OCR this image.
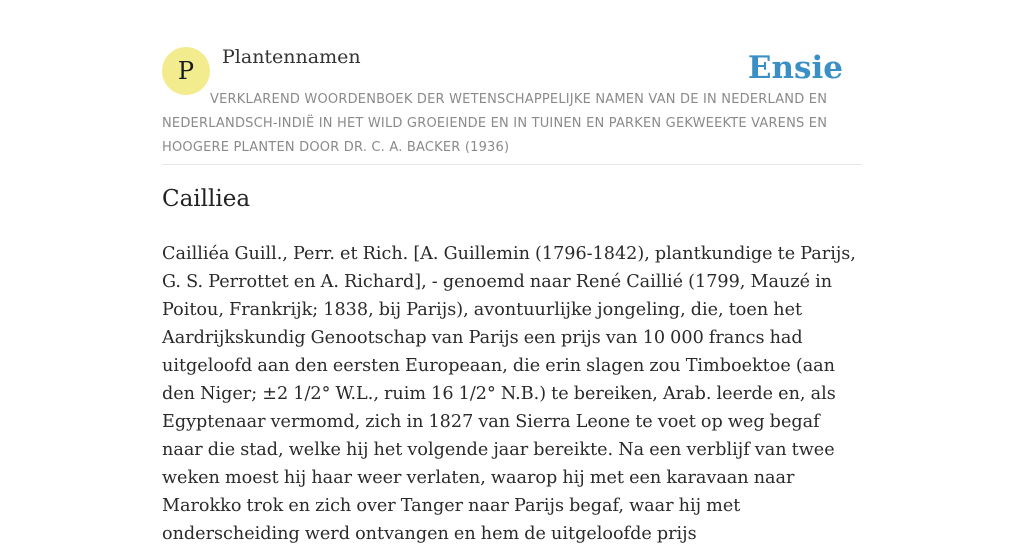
P Plantennamen	Ensie
VERKLAREND WOORDENBOEK DER WETENSCHAPPELIJKE NAMEN VAN DE IN NEDERLAND EN NEDERLANDSCH-INDIË IN HET WILD GROEIENDE EN IN TUINEN EN PARKEN GEKWEEKTE VARENS EN HOOGERE PLANTEN DOOR DR. C. A. BACKER (1936)
Cailliea

Cailliéa Guill., Perr. et Rich. [A. Guillemin (1796-1842), plantkundige te Parijs, G. S. Perrottet en A. Richard], - genoemd naar René Caillié (1799, Mauzé in Poitou, Frankrijk; 1838, bij Parijs), avontuurlijke jongeling, die, toen het Aardrijkskundig Genootschap van Parijs een prijs van 10 000 francs had uitgeloofd aan den eersten Europeaan, die erin slagen zou Timboektoe (aan den Niger; ±2 1/2° W.L., ruim 16 1/2° N.B.) te bereiken, Arab. leerde en, als Egyptenaar vermomd, zich in 1827 van Sierra Leone te voet op weg begaf naar die stad, welke hij het volgende jaar bereikte. Na een verblijf van twee weken moest hij haar weer verlaten, waarop hij met een karavaan naar Marokko trok en zich over Tanger naar Parijs begaf, waar hij met onderscheiding werd ontvangen en hem de uitgeloofde prijs
